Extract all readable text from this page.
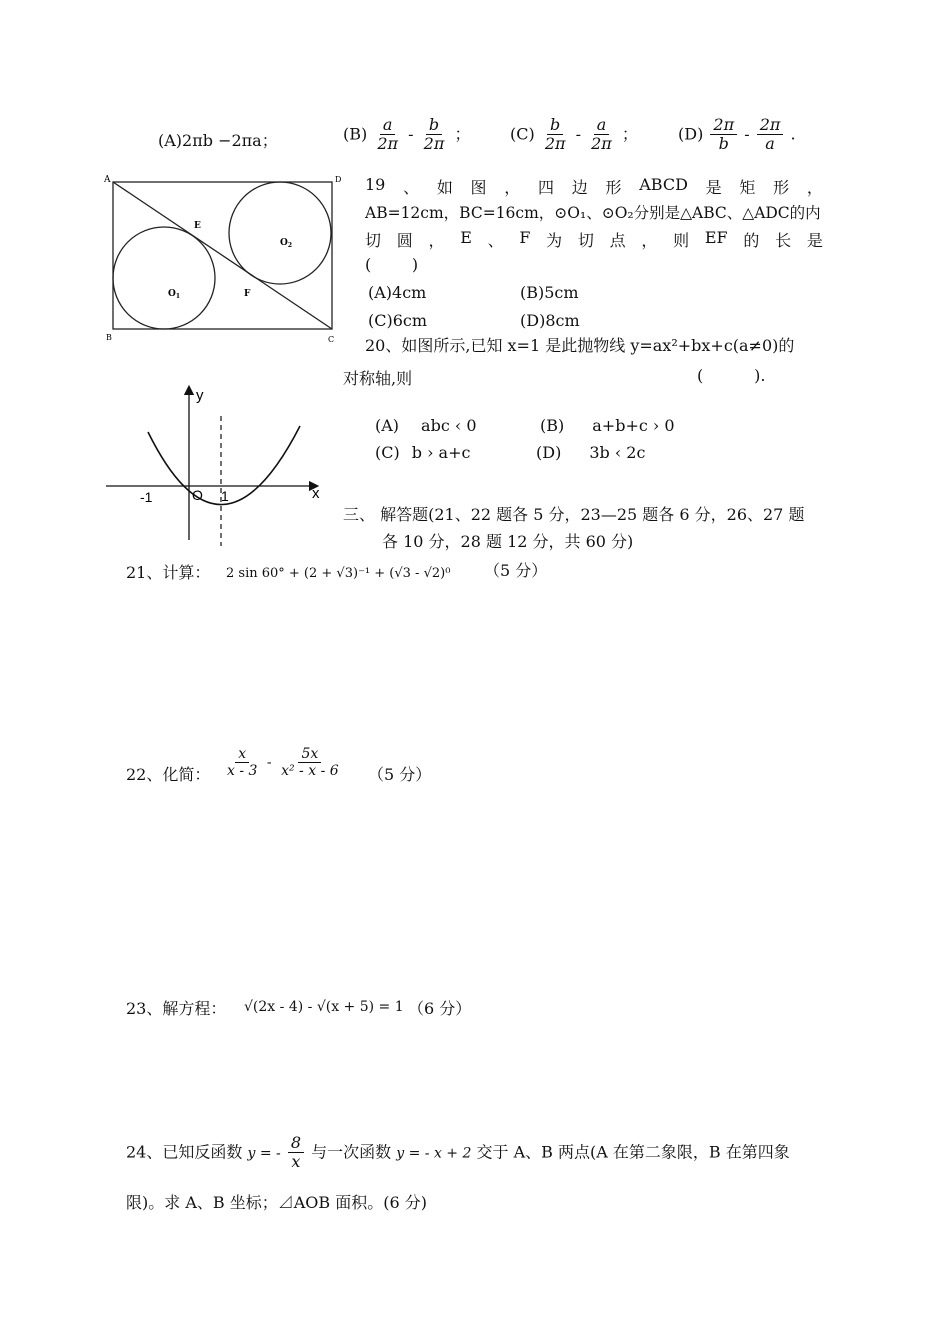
(A)2πb −2πa；	$(B) \frac{a}{2\pi} - \frac{b}{2\pi}$ ； $(C) \frac{b}{2\pi} - \frac{a}{2\pi}$ ；	$(D) \frac{2\pi}{b} - \frac{2\pi}{a}$ .
A	D
B	C
E
F
$O_1$
$O_2$
19 、 如 图 ， 四 边 形 ABCD 是 矩 形 ，
AB=12cm，BC=16cm，⊙O₁、⊙O₂分别是△ABC、△ADC的内
切 圆 ， E 、 F 为 切 点 ， 则 EF 的 长 是
(        )
(A)4cm	(B)5cm
(C)6cm	(D)8cm
20、如图所示,已知 x=1 是此抛物线 y=ax²+bx+c(a≠0)的
对称轴,则	(          ).
y
x
-1	O 1
(A) abc ‹ 0	(B) a+b+c › 0
(C) b › a+c	(D) 3b ‹ 2c
三、 解答题(21、22 题各 5 分，23—25 题各 6 分，26、27 题
各 10 分，28 题 12 分，共 60 分)
21、计算： 2 sin 60° + (2 + √3)⁻¹ + (√3 - √2)⁰ （5 分）
22、化简： $\frac{x}{x - 3} - \frac{5x}{\text{x² - x - 6}} (5$ 分）
23、解方程： √(2x - 4) - √(x + 5) = 1 （6 分）
24、已知反函数 y = - $\frac{8}{x}$ 与一次函数 y = - x + 2 交于 A、B 两点(A 在第二象限，B 在第四象
限)。求 A、B 坐标；⊿AOB 面积。(6 分)
